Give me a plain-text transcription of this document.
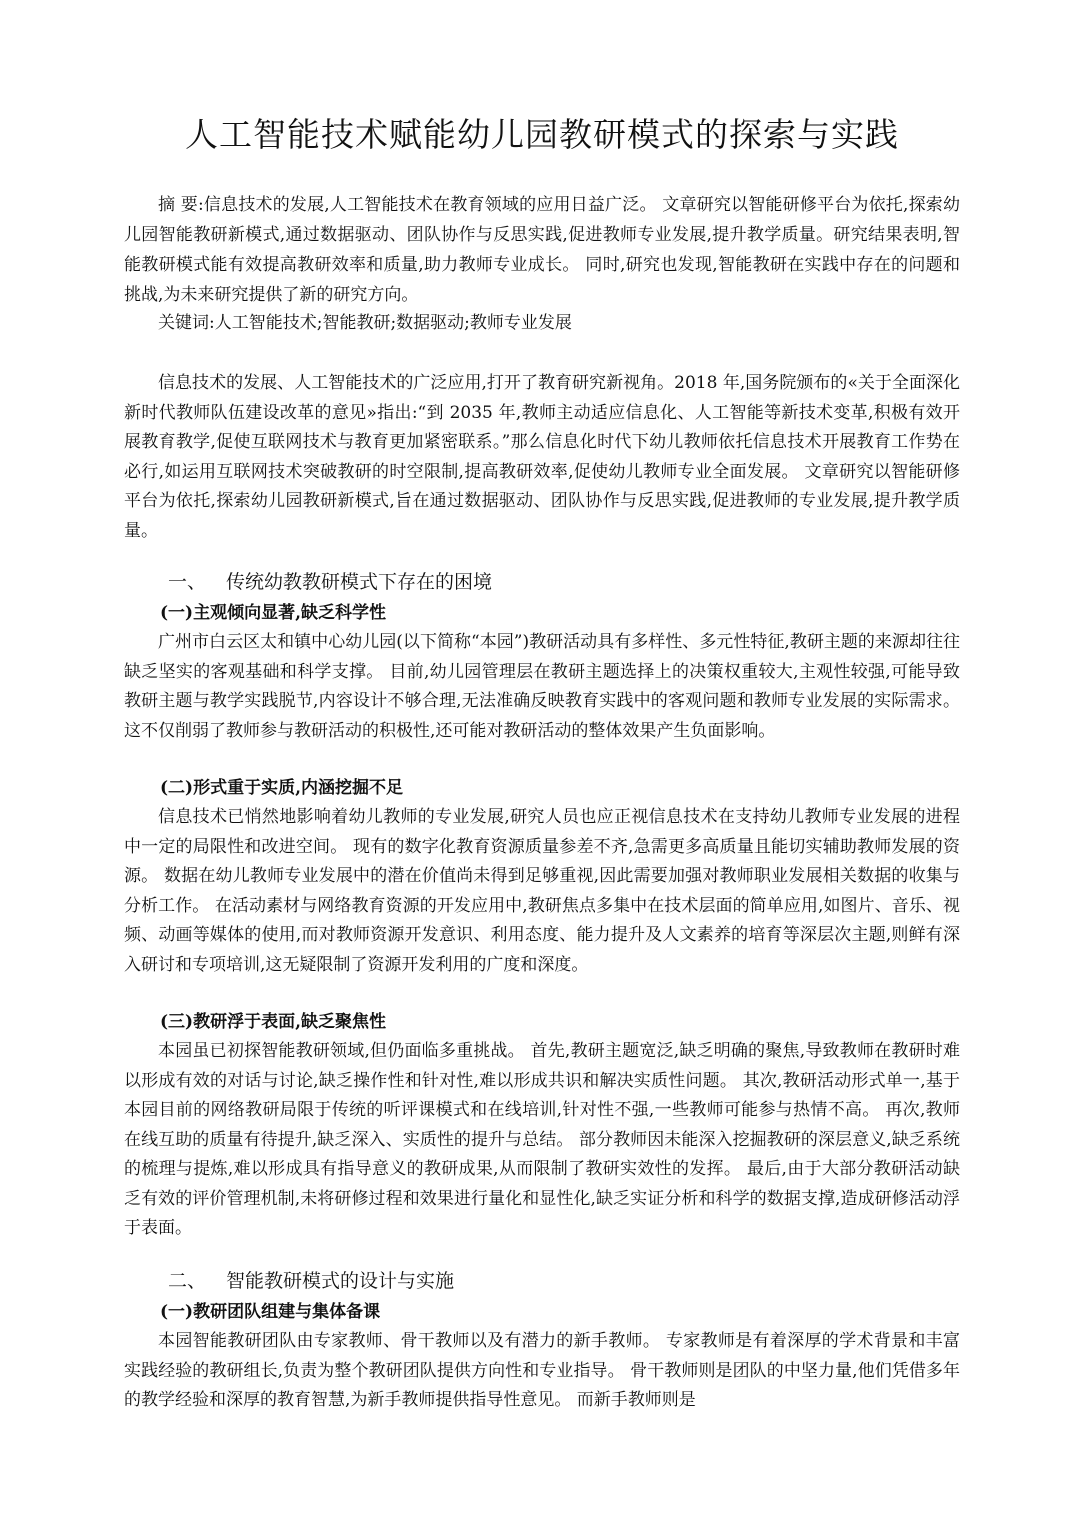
人工智能技术赋能幼儿园教研模式的探索与实践

摘 要:信息技术的发展,人工智能技术在教育领域的应用日益广泛。 文章研究以智能研修平台为依托,探索幼儿园智能教研新模式,通过数据驱动、团队协作与反思实践,促进教师专业发展,提升教学质量。研究结果表明,智能教研模式能有效提高教研效率和质量,助力教师专业成长。 同时,研究也发现,智能教研在实践中存在的问题和挑战,为未来研究提供了新的研究方向。

关键词:人工智能技术;智能教研;数据驱动;教师专业发展

信息技术的发展、人工智能技术的广泛应用,打开了教育研究新视角。2018 年,国务院颁布的«关于全面深化新时代教师队伍建设改革的意见»指出:“到 2035 年,教师主动适应信息化、人工智能等新技术变革,积极有效开展教育教学,促使互联网技术与教育更加紧密联系。”那么信息化时代下幼儿教师依托信息技术开展教育工作势在必行,如运用互联网技术突破教研的时空限制,提高教研效率,促使幼儿教师专业全面发展。 文章研究以智能研修平台为依托,探索幼儿园教研新模式,旨在通过数据驱动、团队协作与反思实践,促进教师的专业发展,提升教学质量。

一、 传统幼教教研模式下存在的困境
(一)主观倾向显著,缺乏科学性

广州市白云区太和镇中心幼儿园(以下简称“本园”)教研活动具有多样性、多元性特征,教研主题的来源却往往缺乏坚实的客观基础和科学支撑。 目前,幼儿园管理层在教研主题选择上的决策权重较大,主观性较强,可能导致教研主题与教学实践脱节,内容设计不够合理,无法准确反映教育实践中的客观问题和教师专业发展的实际需求。 这不仅削弱了教师参与教研活动的积极性,还可能对教研活动的整体效果产生负面影响。

(二)形式重于实质,内涵挖掘不足

信息技术已悄然地影响着幼儿教师的专业发展,研究人员也应正视信息技术在支持幼儿教师专业发展的进程中一定的局限性和改进空间。 现有的数字化教育资源质量参差不齐,急需更多高质量且能切实辅助教师发展的资源。 数据在幼儿教师专业发展中的潜在价值尚未得到足够重视,因此需要加强对教师职业发展相关数据的收集与分析工作。 在活动素材与网络教育资源的开发应用中,教研焦点多集中在技术层面的简单应用,如图片、音乐、视频、动画等媒体的使用,而对教师资源开发意识、利用态度、能力提升及人文素养的培育等深层次主题,则鲜有深入研讨和专项培训,这无疑限制了资源开发利用的广度和深度。

(三)教研浮于表面,缺乏聚焦性

本园虽已初探智能教研领域,但仍面临多重挑战。 首先,教研主题宽泛,缺乏明确的聚焦,导致教师在教研时难以形成有效的对话与讨论,缺乏操作性和针对性,难以形成共识和解决实质性问题。 其次,教研活动形式单一,基于本园目前的网络教研局限于传统的听评课模式和在线培训,针对性不强,一些教师可能参与热情不高。 再次,教师在线互助的质量有待提升,缺乏深入、实质性的提升与总结。 部分教师因未能深入挖掘教研的深层意义,缺乏系统的梳理与提炼,难以形成具有指导意义的教研成果,从而限制了教研实效性的发挥。 最后,由于大部分教研活动缺乏有效的评价管理机制,未将研修过程和效果进行量化和显性化,缺乏实证分析和科学的数据支撑,造成研修活动浮于表面。

二、 智能教研模式的设计与实施
(一)教研团队组建与集体备课

本园智能教研团队由专家教师、骨干教师以及有潜力的新手教师。 专家教师是有着深厚的学术背景和丰富实践经验的教研组长,负责为整个教研团队提供方向性和专业指导。 骨干教师则是团队的中坚力量,他们凭借多年的教学经验和深厚的教育智慧,为新手教师提供指导性意见。 而新手教师则是
